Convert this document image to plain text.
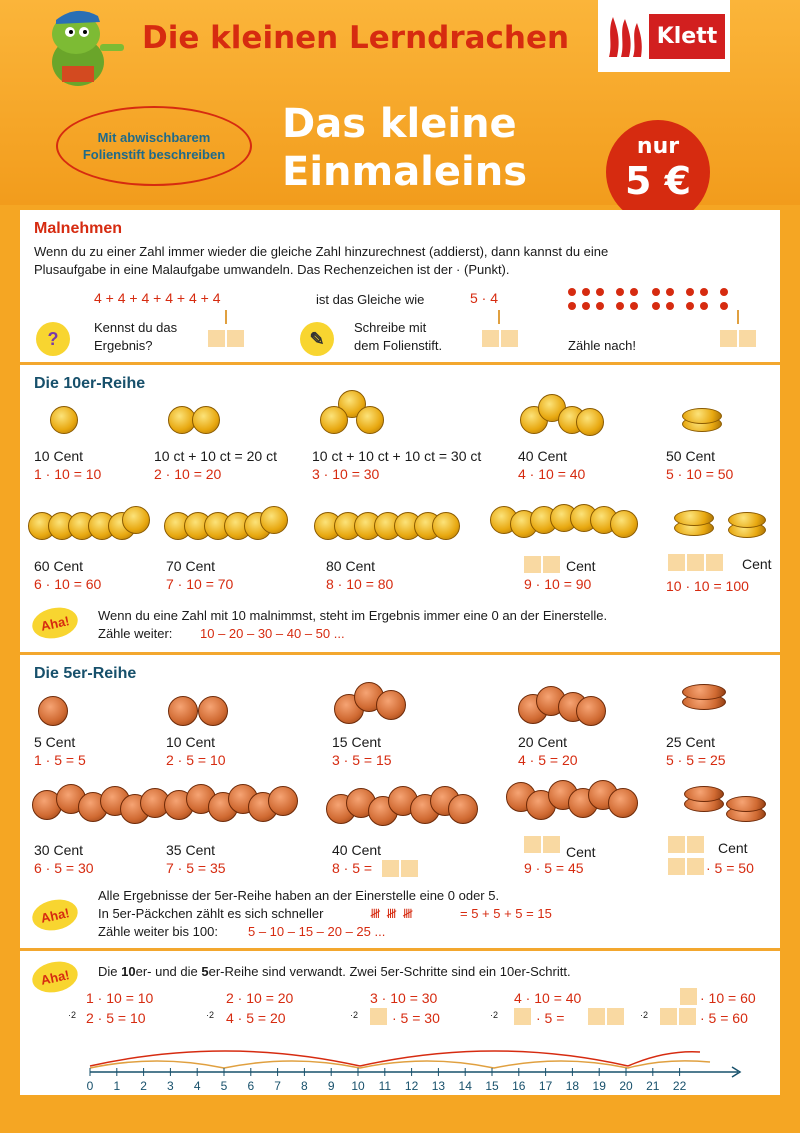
Die kleinen Lerndrachen	Klett
Mit abwischbarem
Folienstift beschreiben
Das kleine
Einmaleins
nur
5 €
Malnehmen
Wenn du zu einer Zahl immer wieder die gleiche Zahl hinzurechnest (addierst), dann kannst du eine
Plusaufgabe in eine Malaufgabe umwandeln. Das Rechenzeichen ist der · (Punkt).
4 + 4 + 4 + 4 + 4 + 4	ist das Gleiche wie	5 · 4
?
Kennst du das
Ergebnis?	✎
Schreibe mit
dem Folienstift.	Zähle nach!
Die 10er-Reihe
10 Cent
1 · 10 = 10
10 ct + 10 ct = 20 ct
2 · 10 = 20
10 ct + 10 ct + 10 ct = 30 ct
3 · 10 = 30
40 Cent
4 · 10 = 40
50 Cent
5 · 10 = 50
60 Cent
6 · 10 = 60
70 Cent
7 · 10 = 70
80 Cent
8 · 10 = 80
Cent
9 · 10 = 90
Cent
10 · 10 = 100
Aha!	Wenn du eine Zahl mit 10 malnimmst, steht im Ergebnis immer eine 0 an der Einerstelle.
Zähle weiter: 10 – 20 – 30 – 40 – 50 ...
Die 5er-Reihe
5 Cent
1 · 5 = 5
10 Cent
2 · 5 = 10
15 Cent
3 · 5 = 15
20 Cent
4 · 5 = 20
25 Cent
5 · 5 = 25
30 Cent
6 · 5 = 30
35 Cent
7 · 5 = 35
40 Cent
8 · 5 =
Cent
9 · 5 = 45
Cent
· 5 = 50
Aha!
Alle Ergebnisse der 5er-Reihe haben an der Einerstelle eine 0 oder 5.
In 5er-Päckchen zählt es sich schneller	𝍸 𝍸 𝍸	= 5 + 5 + 5 = 15
Zähle weiter bis 100: 5 – 10 – 15 – 20 – 25 ...
Aha!	Die 10er- und die 5er-Reihe sind verwandt. Zwei 5er-Schritte sind ein 10er-Schritt.
·2
1 · 10 = 10
2 · 5 = 10	·2
2 · 10 = 20
4 · 5 = 20	·2
3 · 10 = 30
· 5 = 30	·2
4 · 10 = 40
· 5 =	·2
· 10 = 60
· 5 = 60
0 1 2 3 4 5 6 7 8 9 10 11 12 13 14 15 16 17 18 19 20 21 22
